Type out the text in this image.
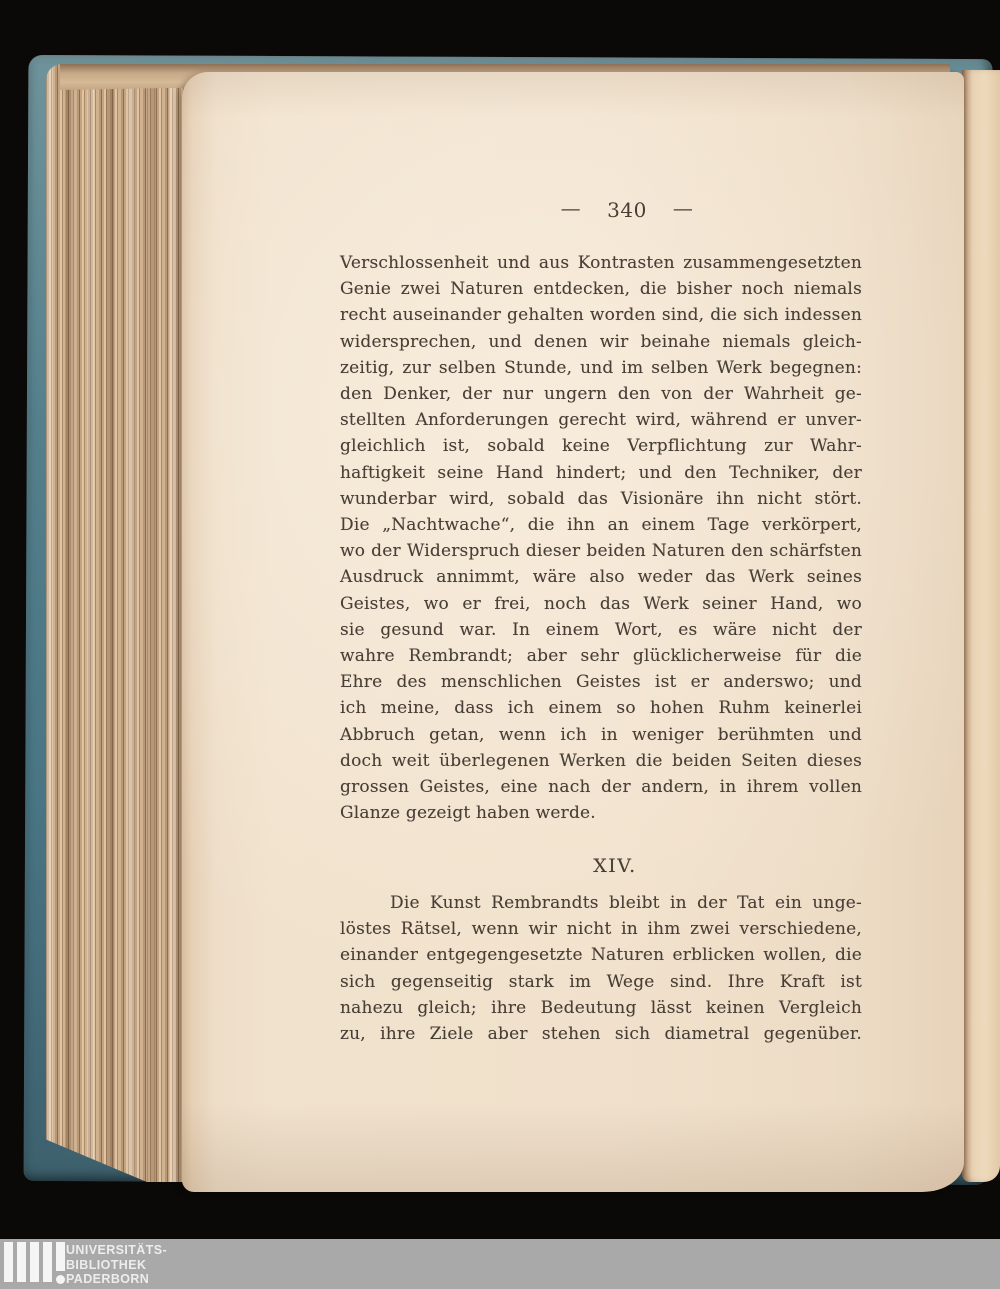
— 340 —
Verschlossenheit und aus Kontrasten zusammengesetzten
Genie zwei Naturen entdecken, die bisher noch niemals
recht auseinander gehalten worden sind, die sich indessen
widersprechen, und denen wir beinahe niemals gleich-
zeitig, zur selben Stunde, und im selben Werk begegnen:
den Denker, der nur ungern den von der Wahrheit ge-
stellten Anforderungen gerecht wird, während er unver-
gleichlich ist, sobald keine Verpflichtung zur Wahr-
haftigkeit seine Hand hindert; und den Techniker, der
wunderbar wird, sobald das Visionäre ihn nicht stört.
Die „Nachtwache“, die ihn an einem Tage verkörpert,
wo der Widerspruch dieser beiden Naturen den schärfsten
Ausdruck annimmt, wäre also weder das Werk seines
Geistes, wo er frei, noch das Werk seiner Hand, wo
sie gesund war. In einem Wort, es wäre nicht der
wahre Rembrandt; aber sehr glücklicherweise für die
Ehre des menschlichen Geistes ist er anderswo; und
ich meine, dass ich einem so hohen Ruhm keinerlei
Abbruch getan, wenn ich in weniger berühmten und
doch weit überlegenen Werken die beiden Seiten dieses
grossen Geistes, eine nach der andern, in ihrem vollen
Glanze gezeigt haben werde.
XIV.
Die Kunst Rembrandts bleibt in der Tat ein unge-
löstes Rätsel, wenn wir nicht in ihm zwei verschiedene,
einander entgegengesetzte Naturen erblicken wollen, die
sich gegenseitig stark im Wege sind. Ihre Kraft ist
nahezu gleich; ihre Bedeutung lässt keinen Vergleich
zu, ihre Ziele aber stehen sich diametral gegenüber.
UNIVERSITÄTS-
BIBLIOTHEK
PADERBORN
